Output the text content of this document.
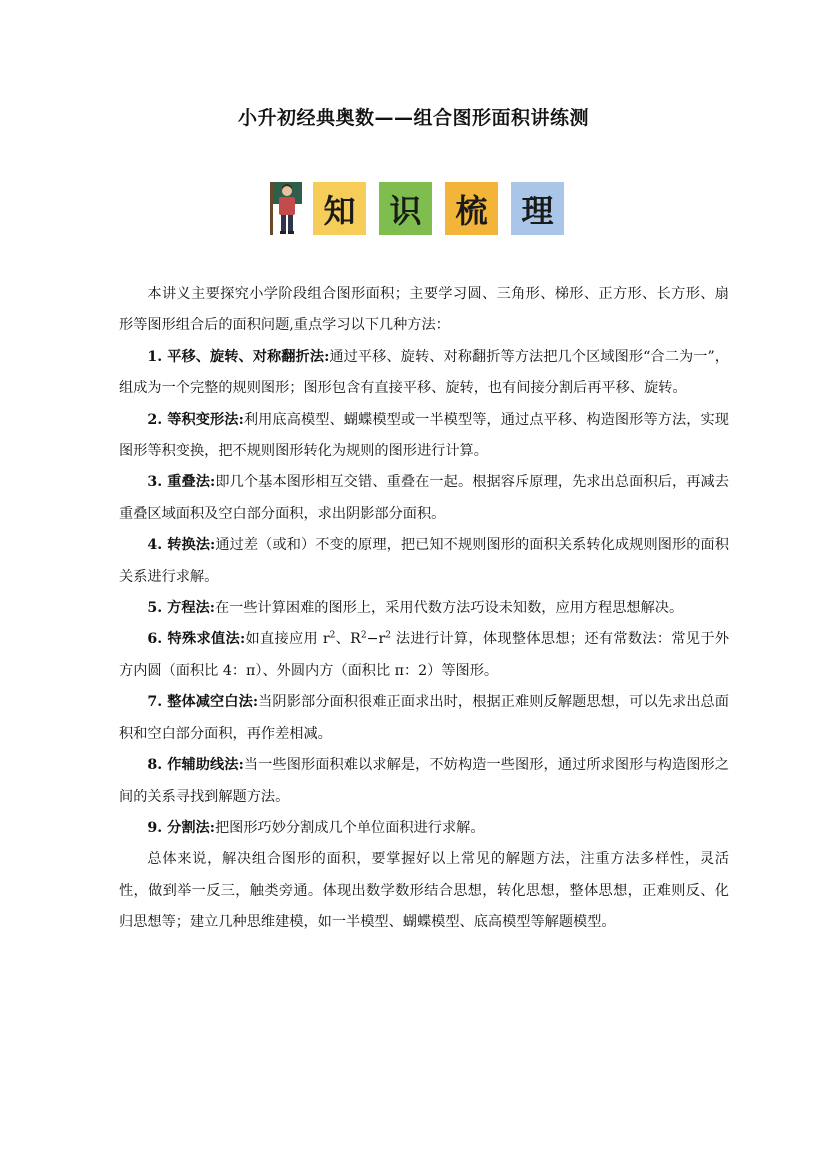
小升初经典奥数——组合图形面积讲练测
知	识	梳	理

本讲义主要探究小学阶段组合图形面积；主要学习圆、三角形、梯形、正方形、长方形、扇形等图形组合后的面积问题,重点学习以下几种方法：

1. 平移、旋转、对称翻折法:通过平移、旋转、对称翻折等方法把几个区域图形“合二为一”，组成为一个完整的规则图形；图形包含有直接平移、旋转，也有间接分割后再平移、旋转。

2. 等积变形法:利用底高模型、蝴蝶模型或一半模型等，通过点平移、构造图形等方法，实现图形等积变换，把不规则图形转化为规则的图形进行计算。

3. 重叠法:即几个基本图形相互交错、重叠在一起。根据容斥原理，先求出总面积后，再减去重叠区域面积及空白部分面积，求出阴影部分面积。

4. 转换法:通过差（或和）不变的原理，把已知不规则图形的面积关系转化成规则图形的面积关系进行求解。

5. 方程法:在一些计算困难的图形上，采用代数方法巧设未知数，应用方程思想解决。

6. 特殊求值法:如直接应用 $r^2$、$R^2-r^2$ 法进行计算，体现整体思想；还有常数法：常见于外方内圆（面积比 4：π）、外圆内方（面积比 π：2）等图形。

7. 整体减空白法:当阴影部分面积很难正面求出时，根据正难则反解题思想，可以先求出总面积和空白部分面积，再作差相减。

8. 作辅助线法:当一些图形面积难以求解是，不妨构造一些图形，通过所求图形与构造图形之间的关系寻找到解题方法。

9. 分割法:把图形巧妙分割成几个单位面积进行求解。

总体来说，解决组合图形的面积，要掌握好以上常见的解题方法，注重方法多样性，灵活性，做到举一反三，触类旁通。体现出数学数形结合思想，转化思想，整体思想，正难则反、化归思想等；建立几种思维建模，如一半模型、蝴蝶模型、底高模型等解题模型。
